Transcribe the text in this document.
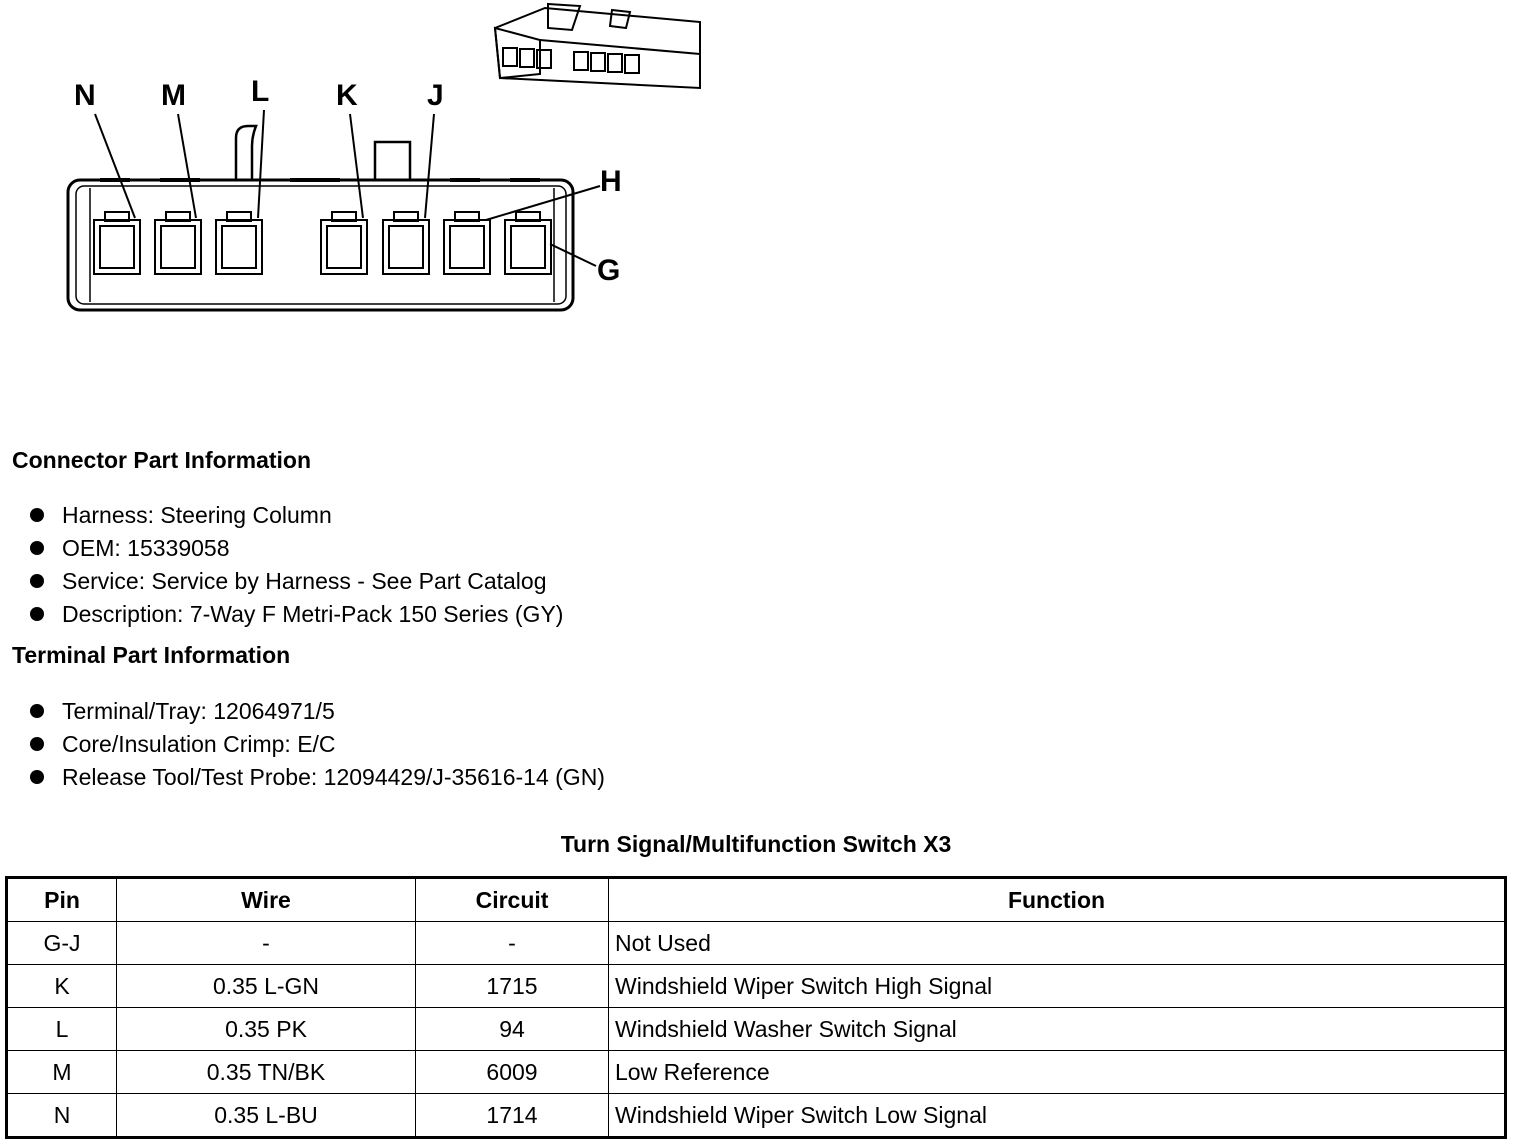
N M L K J
H
G
Connector Part Information
Harness: Steering Column
OEM: 15339058
Service: Service by Harness - See Part Catalog
Description: 7-Way F Metri-Pack 150 Series (GY)
Terminal Part Information
Terminal/Tray: 12064971/5
Core/Insulation Crimp: E/C
Release Tool/Test Probe: 12094429/J-35616-14 (GN)
Turn Signal/Multifunction Switch X3
Pin	Wire	Circuit	Function
G-J	-	-	Not Used
K	0.35 L-GN	1715	Windshield Wiper Switch High Signal
L	0.35 PK	94	Windshield Washer Switch Signal
M	0.35 TN/BK	6009	Low Reference
N	0.35 L-BU	1714	Windshield Wiper Switch Low Signal
